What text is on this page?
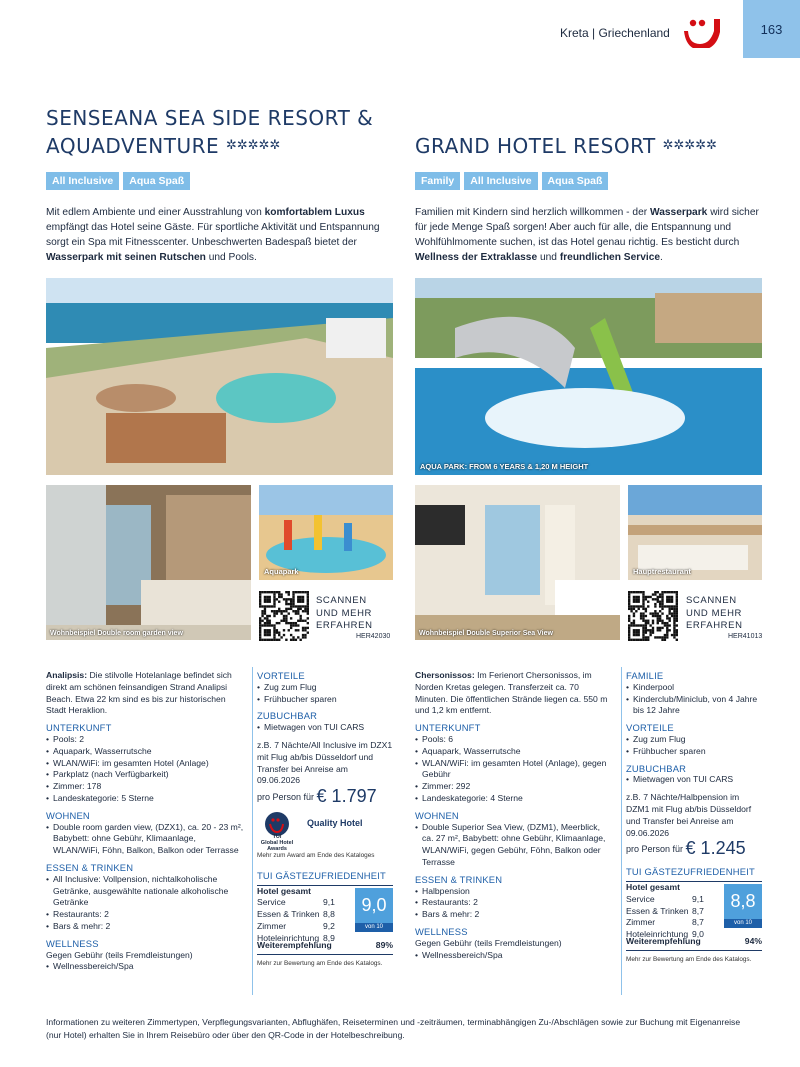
Kreta | Griechenland	163
SENSEANA SEA SIDE RESORT &
AQUADVENTURE ✲✲✲✲✲
All Inclusive Aqua Spaß

Mit edlem Ambiente und einer Ausstrahlung von komfortablem Luxus empfängt das Hotel seine Gäste. Für sportliche Aktivität und Entspannung sorgt ein Spa mit Fitnesscenter. Unbeschwerten Badespaß bietet der Wasserpark mit seinen Rutschen und Pools.

GRAND HOTEL RESORT ✲✲✲✲✲
Family All Inclusive Aqua Spaß

Familien mit Kindern sind herzlich willkommen - der Wasserpark wird sicher für jede Menge Spaß sorgen! Aber auch für alle, die Entspannung und Wohlfühlmomente suchen, ist das Hotel genau richtig. Es besticht durch Wellness der Extraklasse und freundlichen Service.

Wohnbeispiel Double room garden view
Aquapark
SCANNEN
UND MEHR
ERFAHREN
HER42030
AQUA PARK: FROM 6 YEARS & 1,20 M HEIGHT
Wohnbeispiel Double Superior Sea View
Hauptrestaurant
SCANNEN
UND MEHR
ERFAHREN
HER41013

Analipsis: Die stilvolle Hotelanlage befindet sich direkt am schönen feinsandigen Strand Analipsi Beach. Etwa 22 km sind es bis zur historischen Stadt Heraklion.

UNTERKUNFT
• Pools: 2
• Aquapark, Wasserrutsche
• WLAN/WiFi: im gesamten Hotel (Anlage)
• Parkplatz (nach Verfügbarkeit)
• Zimmer: 178
• Landeskategorie: 5 Sterne
WOHNEN
• Double room garden view, (DZX1), ca. 20 - 23 m², Babybett: ohne Gebühr, Klimaanlage, WLAN/WiFi, Föhn, Balkon, Balkon oder Terrasse
ESSEN & TRINKEN
• All Inclusive: Vollpension, nichtalkoholische Getränke, ausgewählte nationale alkoholische Getränke
• Restaurants: 2
• Bars & mehr: 2
WELLNESS

Gegen Gebühr (teils Fremdleistungen)

• Wellnessbereich/Spa
VORTEILE
• Zug zum Flug
• Frühbucher sparen
ZUBUCHBAR
• Mietwagen von TUI CARS

z.B. 7 Nächte/All Inclusive im DZX1 mit Flug ab/bis Düsseldorf und Transfer bei Anreise am 09.06.2026

pro Person für € 1.797
TUI
Global Hotel
Awards
Quality Hotel
Mehr zum Award am Ende des Kataloges
TUI GÄSTEZUFRIEDENHEIT
Hotel gesamt
Service	9,1
Essen & Trinken 8,8
Zimmer	9,2
Hoteleinrichtung 8,9
9,0
von 10
Weiterempfehlung	89%
Mehr zur Bewertung am Ende des Katalogs.

Chersonissos: Im Ferienort Chersonissos, im Norden Kretas gelegen. Transferzeit ca. 70 Minuten. Die öffentlichen Strände liegen ca. 550 m und 1,2 km entfernt.

UNTERKUNFT
• Pools: 6
• Aquapark, Wasserrutsche
• WLAN/WiFi: im gesamten Hotel (Anlage), gegen Gebühr
• Zimmer: 292
• Landeskategorie: 4 Sterne
WOHNEN
• Double Superior Sea View, (DZM1), Meerblick, ca. 27 m², Babybett: ohne Gebühr, Klimaanlage, WLAN/WiFi, gegen Gebühr, Föhn, Balkon oder Terrasse
ESSEN & TRINKEN
• Halbpension
• Restaurants: 2
• Bars & mehr: 2
WELLNESS

Gegen Gebühr (teils Fremdleistungen)

• Wellnessbereich/Spa
FAMILIE
• Kinderpool
• Kinderclub/Miniclub, von 4 Jahre bis 12 Jahre
VORTEILE
• Zug zum Flug
• Frühbucher sparen
ZUBUCHBAR
• Mietwagen von TUI CARS

z.B. 7 Nächte/Halbpension im DZM1 mit Flug ab/bis Düsseldorf und Transfer bei Anreise am 09.06.2026

pro Person für € 1.245
TUI GÄSTEZUFRIEDENHEIT
Hotel gesamt
Service	9,1
Essen & Trinken 8,7
Zimmer	8,7
Hoteleinrichtung 9,0
8,8
von 10
Weiterempfehlung	94%
Mehr zur Bewertung am Ende des Katalogs.

Informationen zu weiteren Zimmertypen, Verpflegungsvarianten, Abflughäfen, Reiseterminen und -zeiträumen, terminabhängigen Zu-/Abschlägen sowie zur Buchung mit Eigenanreise (nur Hotel) erhalten Sie in Ihrem Reisebüro oder über den QR-Code in der Hotelbeschreibung.
